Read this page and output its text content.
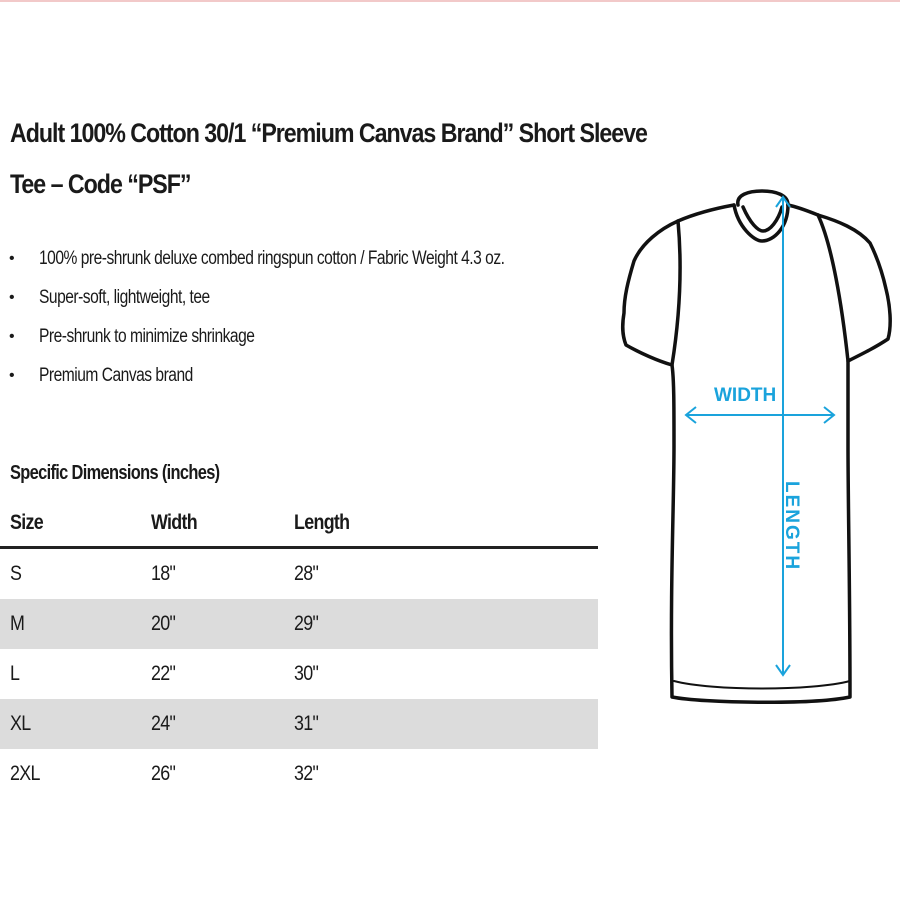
Adult 100% Cotton 30/1 “Premium Canvas Brand” Short Sleeve
Tee – Code “PSF”
• 100% pre-shrunk deluxe combed ringspun cotton / Fabric Weight 4.3 oz.
• Super-soft, lightweight, tee
• Pre-shrunk to minimize shrinkage
• Premium Canvas brand
Specific Dimensions (inches)
Size	Width	Length
S	18"	28"
M	20"	29"
L	22"	30"
XL	24"	31"
2XL	26"	32"
WIDTH
LENGTH
